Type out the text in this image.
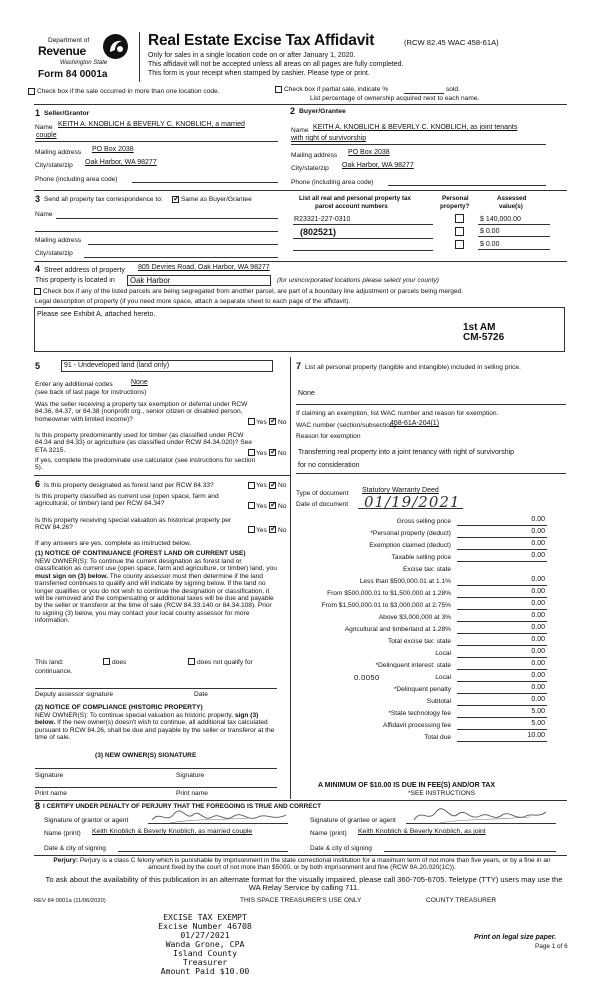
Department of
Revenue
Washington State
Form 84 0001a
Real Estate Excise Tax Affidavit	(RCW 82.45 WAC 458-61A)
Only for sales in a single location code on or after January 1, 2020.
This affidavit will not be accepted unless all areas on all pages are fully completed.
This form is your receipt when stamped by cashier. Please type or print.
Check box if the sale occurred in more than one location code.	Check box if partial sale, indicate %	sold.
List percentage of ownership acquired next to each name.
1 Seller/Grantor
Name KEITH A. KNOBLICH & BEVERLY C. KNOBLICH, a married
couple
Mailing address PO Box 2038
City/state/zip Oak Harbor, WA 98277
Phone (including area code)
2 Buyer/Grantee
Name KEITH A. KNOBLICH & BEVERLY C. KNOBLICH, as joint tenants
with right of survivorship
Mailing address PO Box 2038
City/state/zip Oak Harbor, WA 98277
Phone (including area code)
3 Send all property tax correspondence to: ✓	Same as Buyer/Grantee
Name
Mailing address
City/state/zip
List all real and personal property tax
parcel account numbers
Personal
property?
Assessed
value(s)
R23321-227-0310	$ 140,000.00
(802521)	$ 0.00
$ 0.00
4 Street address of property 805 Devries Road, Oak Harbor, WA 98277
This property is located in Oak Harbor	(for unincorporated locations please select your county)
Check box if any of the listed parcels are being segregated from another parcel, are part of a boundary line adjustment or parcels being merged.
Legal description of property (if you need more space, attach a separate sheet to each page of the affidavit).
Please see Exhibit A, attached hereto.
1st AM
CM-5726
5	91 - Undeveloped land (land only)
Enter any additional codes	None
(see back of last page for instructions)
Was the seller receiving a property tax exemption or deferral under RCW 84.36, 84.37, or 84.38 (nonprofit org., senior citizen or disabled person, homeowner with limited income)?	Yes ✓ No
Is this property predominantly used for timber (as classified under RCW 84.34 and 84.33) or agriculture (as classified under RCW 84.34.020)? See ETA 3215.	Yes ✓ No
If yes, complete the predominate use calculator (see instructions for section 5).
6 Is this property designated as forest land per RCW 84.33?	Yes ✓ No
Is this property classified as current use (open space, farm and agricultural, or timber) land per RCW 84.34?	Yes ✓ No
Is this property receiving special valuation as historical property per RCW 84.26?	Yes ✓ No
If any answers are yes, complete as instructed below.
(1) NOTICE OF CONTINUANCE (FOREST LAND OR CURRENT USE)
NEW OWNER(S): To continue the current designation as forest land or classification as current use (open space, farm and agriculture, or timber) land, you must sign on (3) below. The county assessor must then determine if the land transferred continues to qualify and will indicate by signing below. If the land no longer qualifies or you do not wish to continue the designation or classification, it will be removed and the compensating or additional taxes will be due and payable by the seller or transferor at the time of sale (RCW 84.33.140 or 84.34.108). Prior to signing (3) below, you may contact your local county assessor for more information.
This land:	does	does not qualify for
continuance.
Deputy assessor signature	Date
(2) NOTICE OF COMPLIANCE (HISTORIC PROPERTY)
NEW OWNER(S): To continue special valuation as historic property, sign (3) below. If the new owner(s) doesn't wish to continue, all additional tax calculated pursuant to RCW 84.26, shall be due and payable by the seller or transferor at the time of sale.
(3) NEW OWNER(S) SIGNATURE
Signature	Signature
Print name	Print name
7 List all personal property (tangible and intangible) included in selling price.
None
If claiming an exemption, list WAC number and reason for exemption.
WAC number (section/subsection)
458-61A-204(1)
Reason for exemption
Transferring real property into a joint tenancy with right of survivorship
for no consideration
Type of document Statutory Warranty Deed
Date of document 01/19/2021
Gross selling price	0.00
*Personal property (deduct)	0.00
Exemption claimed (deduct)	0.00
Taxable selling price	0.00
Excise tax: state
Less than $500,000.01 at 1.1%	0.00
From $500,000.01 to $1,500,000 at 1.28%	0.00
From $1,500,000.01 to $3,000,000 at 2.75%	0.00
Above $3,000,000 at 3%	0.00
Agricultural and timberland at 1.28%	0.00
Total excise tax: state	0.00
Local	0.00
*Delinquent interest: state	0.00
Local	0.00
*Delinquent penalty	0.00
Subtotal	0.00
*State technology fee	5.00
Affidavit processing fee	5.00
Total due	10.00
0.0050
A MINIMUM OF $10.00 IS DUE IN FEE(S) AND/OR TAX
*SEE INSTRUCTIONS
8 I CERTIFY UNDER PENALTY OF PERJURY THAT THE FOREGOING IS TRUE AND CORRECT
Signature of grantor or agent	Signature of grantee or agent
Name (print) Keith Knoblich & Beverly Knoblich, as married couple	Name (print) Keith Knoblich & Beverly Knoblich, as joint
Date & city of signing	Date & city of signing
Perjury: Perjury is a class C felony which is punishable by imprisonment in the state correctional institution for a maximum term of not more than five years, or by a fine in an amount fixed by the court of not more than $5000, or by both imprisonment and fine (RCW 9A.20.020(1C)).
To ask about the availability of this publication in an alternate format for the visually impaired, please call 360-705-6705. Teletype (TTY) users may use the WA Relay Service by calling 711.
REV 84 0001a (11/06/2020)	THIS SPACE TREASURER'S USE ONLY	COUNTY TREASURER
EXCISE TAX EXEMPT
Excise Number 46708
01/27/2021
Wanda Grone, CPA
Island County Treasurer
Amount Paid $10.00
Print on legal size paper.
Page 1 of 6
